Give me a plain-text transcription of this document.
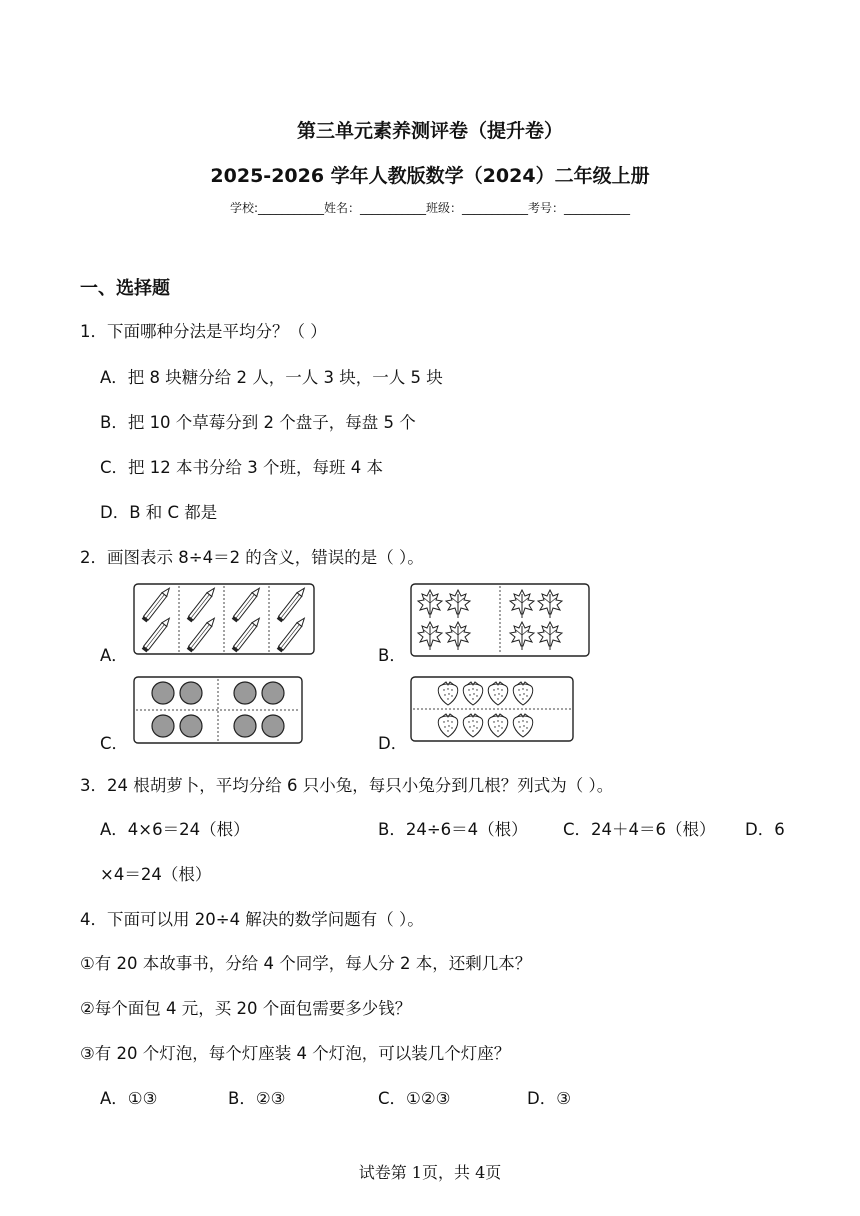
第三单元素养测评卷（提升卷）
2025-2026 学年人教版数学（2024）二年级上册
学校:___________姓名：___________班级：___________考号：___________
一、选择题
1．下面哪种分法是平均分？（ ）
A．把 8 块糖分给 2 人，一人 3 块，一人 5 块
B．把 10 个草莓分到 2 个盘子，每盘 5 个
C．把 12 本书分给 3 个班，每班 4 本
D．B 和 C 都是
2．画图表示 8÷4＝2 的含义，错误的是（ ）。
A．	B．
C．	D．
3．24 根胡萝卜，平均分给 6 只小兔，每只小兔分到几根？列式为（ ）。
A．4×6＝24（根）	B．24÷6＝4（根） C．24＋4＝6（根） D．6
×4＝24（根）
4．下面可以用 20÷4 解决的数学问题有（ ）。
①有 20 本故事书，分给 4 个同学，每人分 2 本，还剩几本？
②每个面包 4 元，买 20 个面包需要多少钱？
③有 20 个灯泡，每个灯座装 4 个灯泡，可以装几个灯座？
A．①③	B．②③	C．①②③	D．③
试卷第 1页，共 4页
